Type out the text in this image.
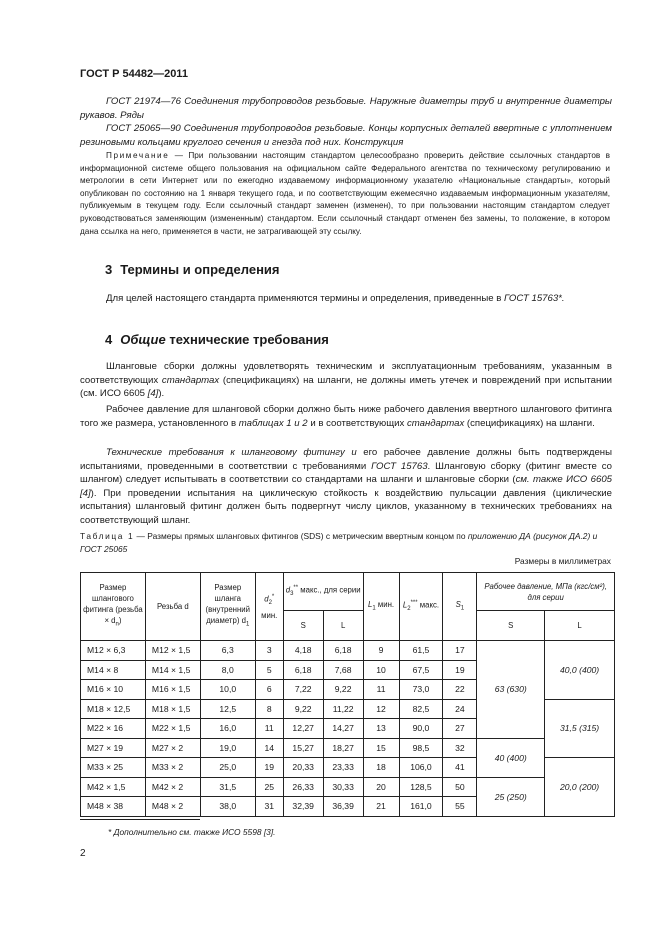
ГОСТ Р 54482—2011
ГОСТ 21974—76 Соединения трубопроводов резьбовые. Наружные диаметры труб и внутренние диаметры рукавов. Ряды
ГОСТ 25065—90 Соединения трубопроводов резьбовые. Концы корпусных деталей ввертные с уплотнением резиновыми кольцами круглого сечения и гнезда под них. Конструкция
Примечание — При пользовании настоящим стандартом целесообразно проверить действие ссылочных стандартов в информационной системе общего пользования на официальном сайте Федерального агентства по техническому регулированию и метрологии в сети Интернет или по ежегодно издаваемому информационному указателю «Национальные стандарты», который опубликован по состоянию на 1 января текущего года, и по соответствующим ежемесячно издаваемым информационным указателям, публикуемым в текущем году. Если ссылочный стандарт заменен (изменен), то при пользовании настоящим стандартом следует руководствоваться заменяющим (измененным) стандартом. Если ссылочный стандарт отменен без замены, то положение, в котором дана ссылка на него, применяется в части, не затрагивающей эту ссылку.
3 Термины и определения
Для целей настоящего стандарта применяются термины и определения, приведенные в ГОСТ 15763*.
4 Общие технические требования
Шланговые сборки должны удовлетворять техническим и эксплуатационным требованиям, указанным в соответствующих стандартах (спецификациях) на шланги, не должны иметь утечек и повреждений при испытании (см. ИСО 6605 [4]).
Рабочее давление для шланговой сборки должно быть ниже рабочего давления ввертного шлангового фитинга того же размера, установленного в таблицах 1 и 2 и в соответствующих стандартах (спецификациях) на шланги.
Технические требования к шланговому фитингу и его рабочее давление должны быть подтверждены испытаниями, проведенными в соответствии с требованиями ГОСТ 15763. Шланговую сборку (фитинг вместе со шлангом) следует испытывать в соответствии со стандартами на шланги и шланговые сборки (см. также ИСО 6605 [4]). При проведении испытания на циклическую стойкость к воздействию пульсации давления (циклические испытания) шланговый фитинг должен быть подвергнут числу циклов, указанному в технических требованиях на соответствующий шланг.
Таблица 1 — Размеры прямых шланговых фитингов (SDS) с метрическим ввертным концом по приложению ДА (рисунок ДА.2) и ГОСТ 25065
Размеры в миллиметрах
Размер шлангового фитинга (резьба × $d_n$)	Резьба d	Размер шланга (внутренний диаметр) $d_1$	$d_2^*$
мин.	$d_3^{**}$ макс., для серии		$L_1$ мин.	$L_2^{***}$ макс.	$S_1$	Рабочее давление, МПа (кгс/см²), для серии	
				S	L				S	L
M12 × 6,3	M12 × 1,5	6,3	3	4,18	6,18	9	61,5	17	63 (630)	40,0 (400)
M14 × 8	M14 × 1,5	8,0	5	6,18	7,68	10	67,5	19		
M16 × 10	M16 × 1,5	10,0	6	7,22	9,22	11	73,0	22		
M18 × 12,5	M18 × 1,5	12,5	8	9,22	11,22	12	82,5	24		31,5 (315)
M22 × 16	M22 × 1,5	16,0	11	12,27	14,27	13	90,0	27		
M27 × 19	M27 × 2	19,0	14	15,27	18,27	15	98,5	32	40 (400)	
M33 × 25	M33 × 2	25,0	19	20,33	23,33	18	106,0	41		20,0 (200)
M42 × 1,5	M42 × 2	31,5	25	26,33	30,33	20	128,5	50	25 (250)	
M48 × 38	M48 × 2	38,0	31	32,39	36,39	21	161,0	55		
* Дополнительно см. также ИСО 5598 [3].
2
